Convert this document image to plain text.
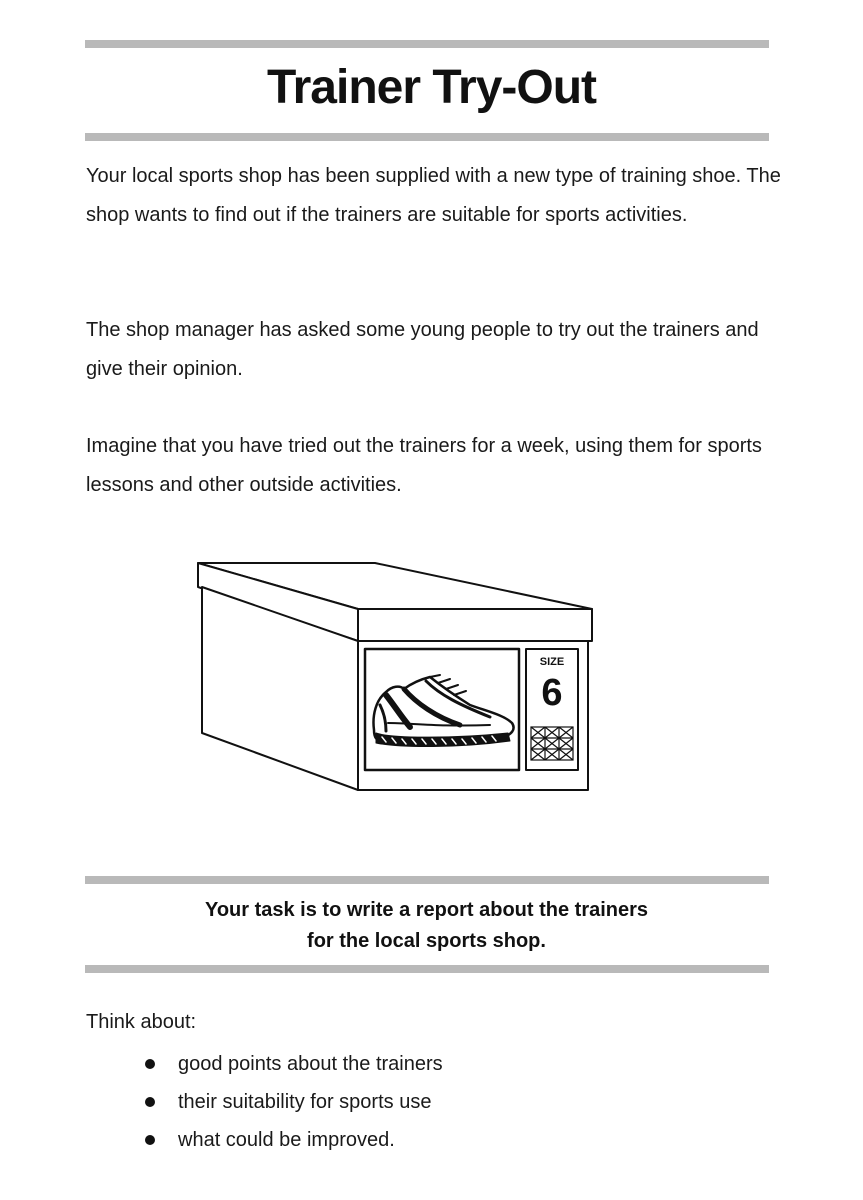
Trainer Try-Out

Your local sports shop has been supplied with a new type of training shoe. The shop wants to find out if the trainers are suitable for sports activities.

The shop manager has asked some young people to try out the trainers and give their opinion.

Imagine that you have tried out the trainers for a week, using them for sports lessons and other outside activities.

SIZE
6

Your task is to write a report about the trainers
for the local sports shop.

Think about:

good points about the trainers
their suitability for sports use
what could be improved.
